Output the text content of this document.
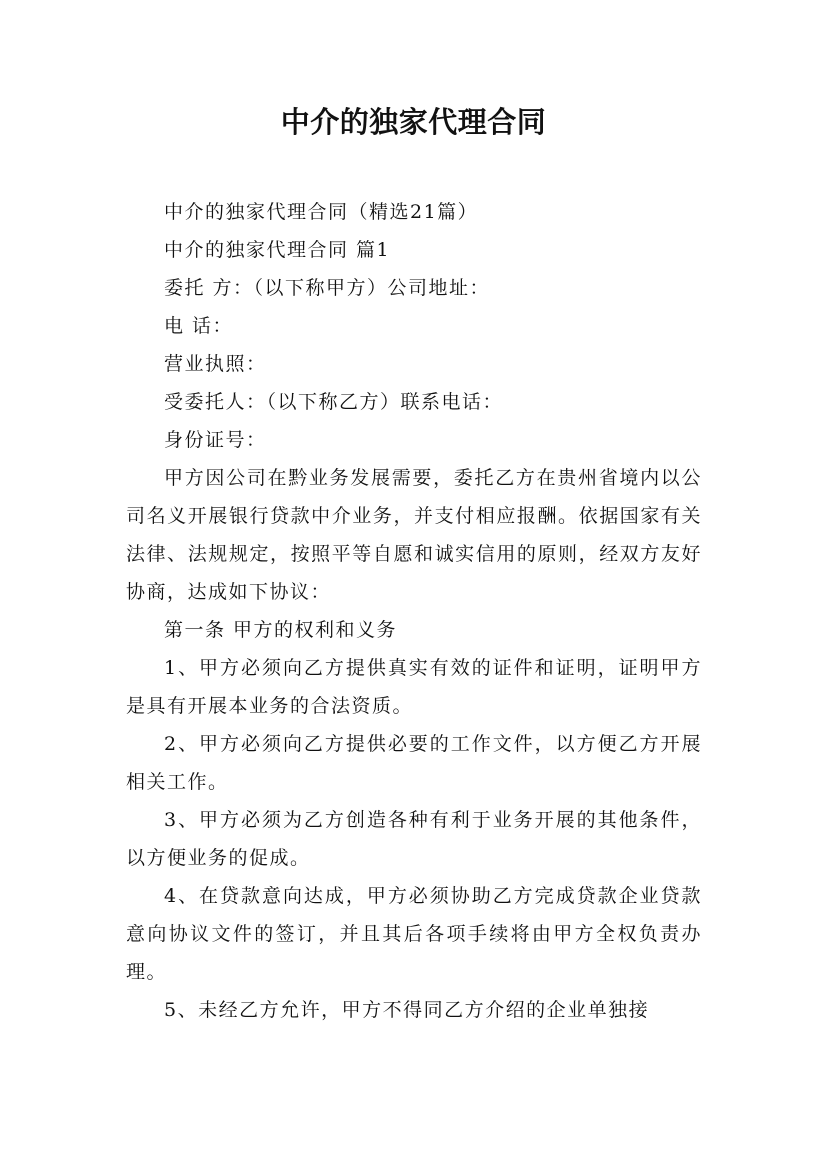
中介的独家代理合同

中介的独家代理合同（精选21篇）

中介的独家代理合同 篇1

委托 方：（以下称甲方）公司地址：

电 话：

营业执照：

受委托人：（以下称乙方）联系电话：

身份证号：

甲方因公司在黔业务发展需要，委托乙方在贵州省境内以公司名义开展银行贷款中介业务，并支付相应报酬。依据国家有关法律、法规规定，按照平等自愿和诚实信用的原则，经双方友好协商，达成如下协议：

第一条 甲方的权利和义务

1、甲方必须向乙方提供真实有效的证件和证明，证明甲方是具有开展本业务的合法资质。

2、甲方必须向乙方提供必要的工作文件，以方便乙方开展相关工作。

3、甲方必须为乙方创造各种有利于业务开展的其他条件，以方便业务的促成。

4、在贷款意向达成，甲方必须协助乙方完成贷款企业贷款意向协议文件的签订，并且其后各项手续将由甲方全权负责办理。

5、未经乙方允许，甲方不得同乙方介绍的企业单独接
